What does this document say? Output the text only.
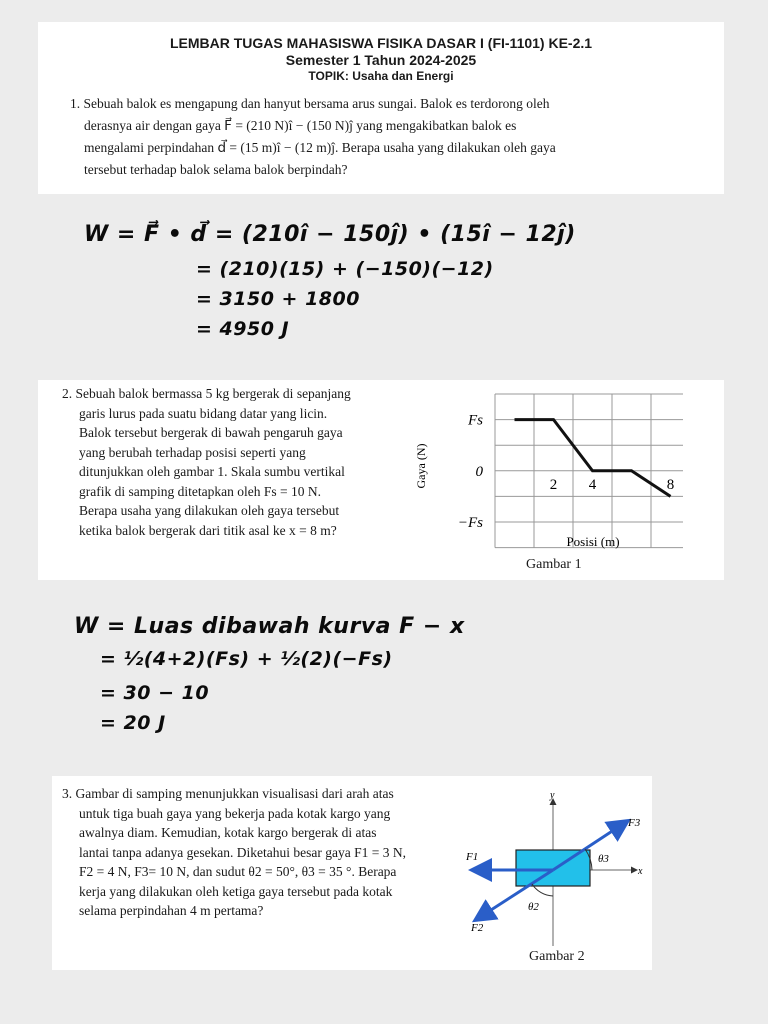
LEMBAR TUGAS MAHASISWA FISIKA DASAR I (FI-1101) KE-2.1
Semester 1 Tahun 2024-2025
TOPIK: Usaha dan Energi
1. Sebuah balok es mengapung dan hanyut bersama arus sungai. Balok es terdorong oleh
derasnya air dengan gaya F⃗ = (210 N)î − (150 N)ĵ yang mengakibatkan balok es
mengalami perpindahan d⃗ = (15 m)î − (12 m)ĵ. Berapa usaha yang dilakukan oleh gaya
tersebut terhadap balok selama balok berpindah?
W = F⃗ • d⃗ = (210î − 150ĵ) • (15î − 12ĵ)
= (210)(15) + (−150)(−12)
= 3150 + 1800
= 4950 J
2. Sebuah balok bermassa 5 kg bergerak di sepanjang
garis lurus pada suatu bidang datar yang licin.
Balok tersebut bergerak di bawah pengaruh gaya
yang berubah terhadap posisi seperti yang
ditunjukkan oleh gambar 1. Skala sumbu vertikal
grafik di samping ditetapkan oleh Fs = 10 N.
Berapa usaha yang dilakukan oleh gaya tersebut
ketika balok bergerak dari titik asal ke x = 8 m?
2 4	8
Fs
0
−Fs
Gaya (N)
Posisi (m)
Gambar 1
W = Luas dibawah kurva F − x
= ½(4+2)(Fs) + ½(2)(−Fs)
= 30 − 10
= 20 J
3. Gambar di samping menunjukkan visualisasi dari arah atas
untuk tiga buah gaya yang bekerja pada kotak kargo yang
awalnya diam. Kemudian, kotak kargo bergerak di atas
lantai tanpa adanya gesekan. Diketahui besar gaya F1 = 3 N,
F2 = 4 N, F3= 10 N, dan sudut θ2 = 50°, θ3 = 35 °. Berapa
kerja yang dilakukan oleh ketiga gaya tersebut pada kotak
selama perpindahan 4 m pertama?
y
x
F1
F2
F3
θ3
θ2
Gambar 2
